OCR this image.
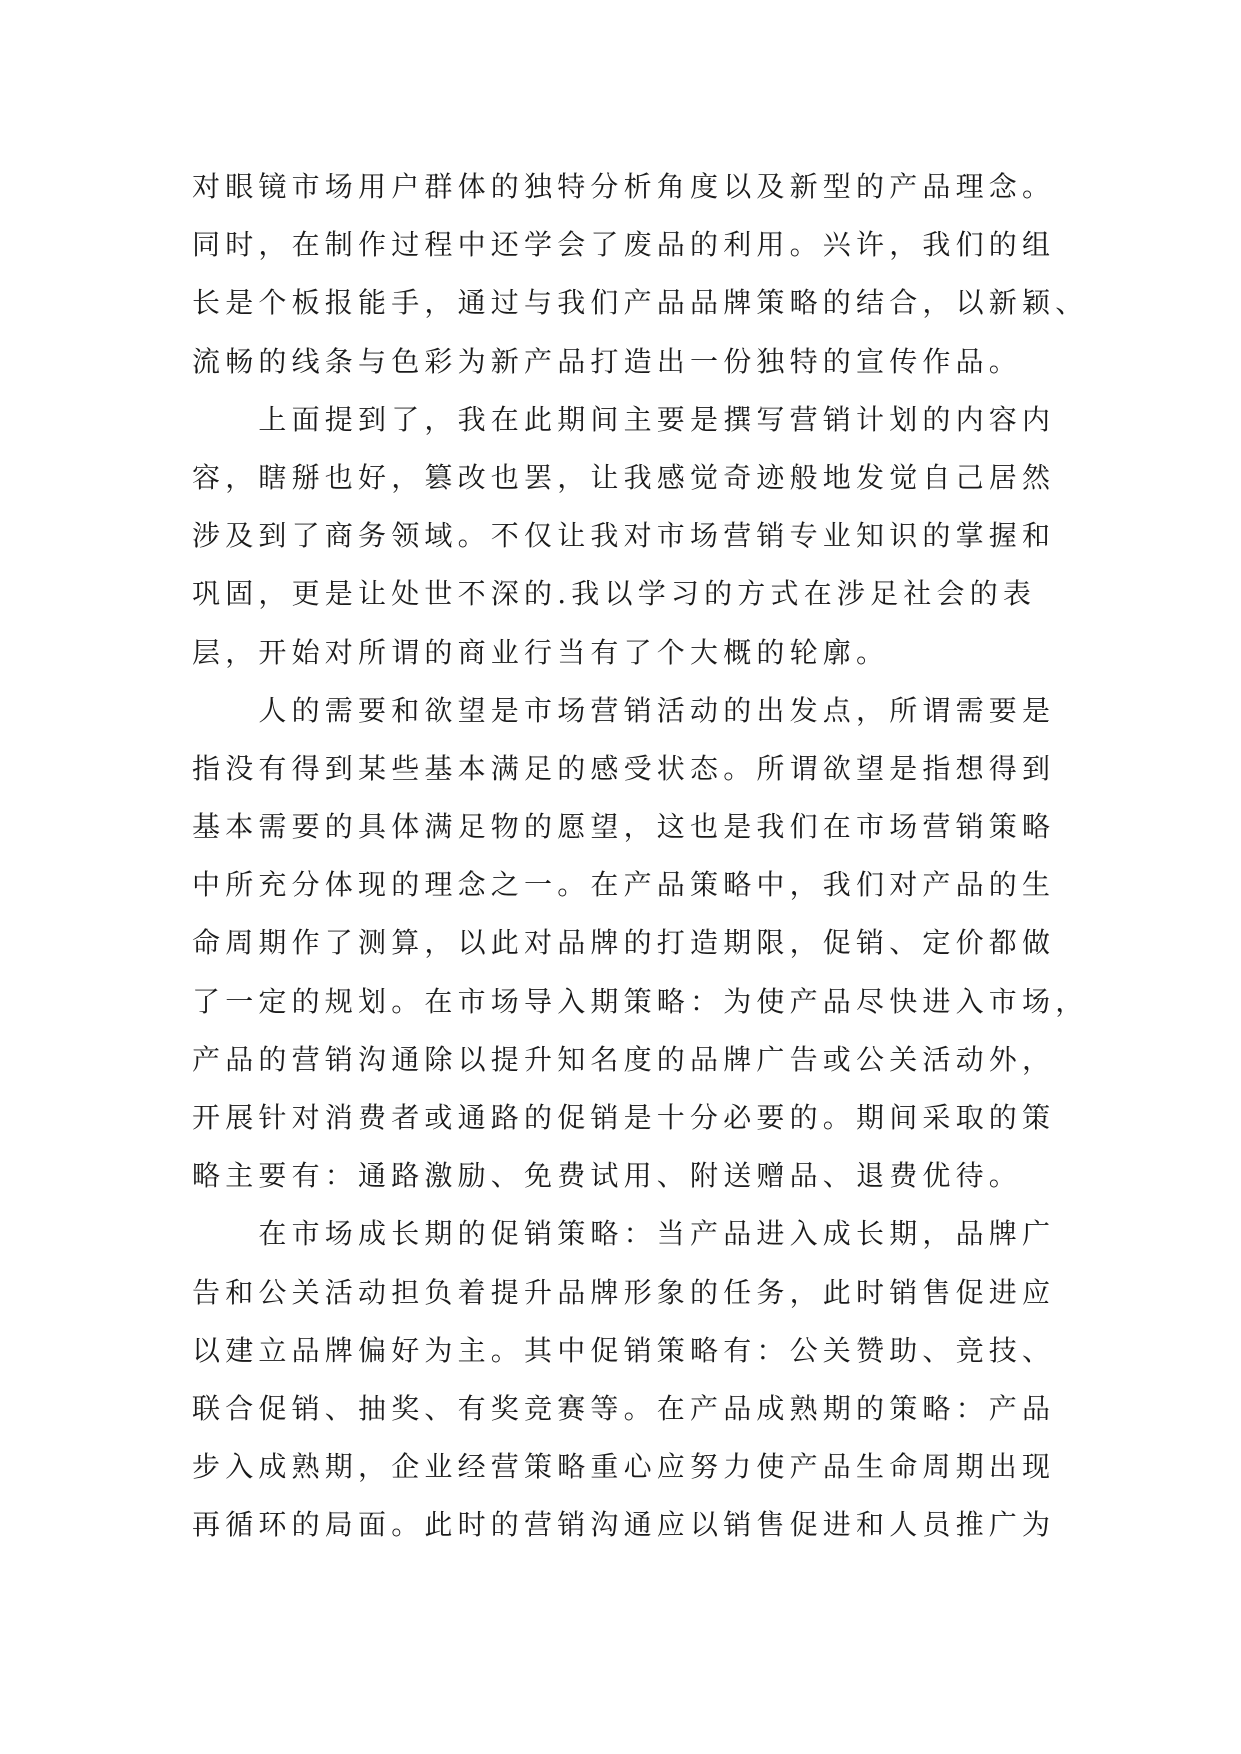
对眼镜市场用户群体的独特分析角度以及新型的产品理念。
同时，在制作过程中还学会了废品的利用。兴许，我们的组
长是个板报能手，通过与我们产品品牌策略的结合，以新颖、
流畅的线条与色彩为新产品打造出一份独特的宣传作品。
　　上面提到了，我在此期间主要是撰写营销计划的内容内
容，瞎掰也好，篡改也罢，让我感觉奇迹般地发觉自己居然
涉及到了商务领域。不仅让我对市场营销专业知识的掌握和
巩固，更是让处世不深的.我以学习的方式在涉足社会的表
层，开始对所谓的商业行当有了个大概的轮廓。
　　人的需要和欲望是市场营销活动的出发点，所谓需要是
指没有得到某些基本满足的感受状态。所谓欲望是指想得到
基本需要的具体满足物的愿望，这也是我们在市场营销策略
中所充分体现的理念之一。在产品策略中，我们对产品的生
命周期作了测算，以此对品牌的打造期限，促销、定价都做
了一定的规划。在市场导入期策略：为使产品尽快进入市场，
产品的营销沟通除以提升知名度的品牌广告或公关活动外，
开展针对消费者或通路的促销是十分必要的。期间采取的策
略主要有：通路激励、免费试用、附送赠品、退费优待。
　　在市场成长期的促销策略：当产品进入成长期，品牌广
告和公关活动担负着提升品牌形象的任务，此时销售促进应
以建立品牌偏好为主。其中促销策略有：公关赞助、竞技、
联合促销、抽奖、有奖竞赛等。在产品成熟期的策略：产品
步入成熟期，企业经营策略重心应努力使产品生命周期出现
再循环的局面。此时的营销沟通应以销售促进和人员推广为
